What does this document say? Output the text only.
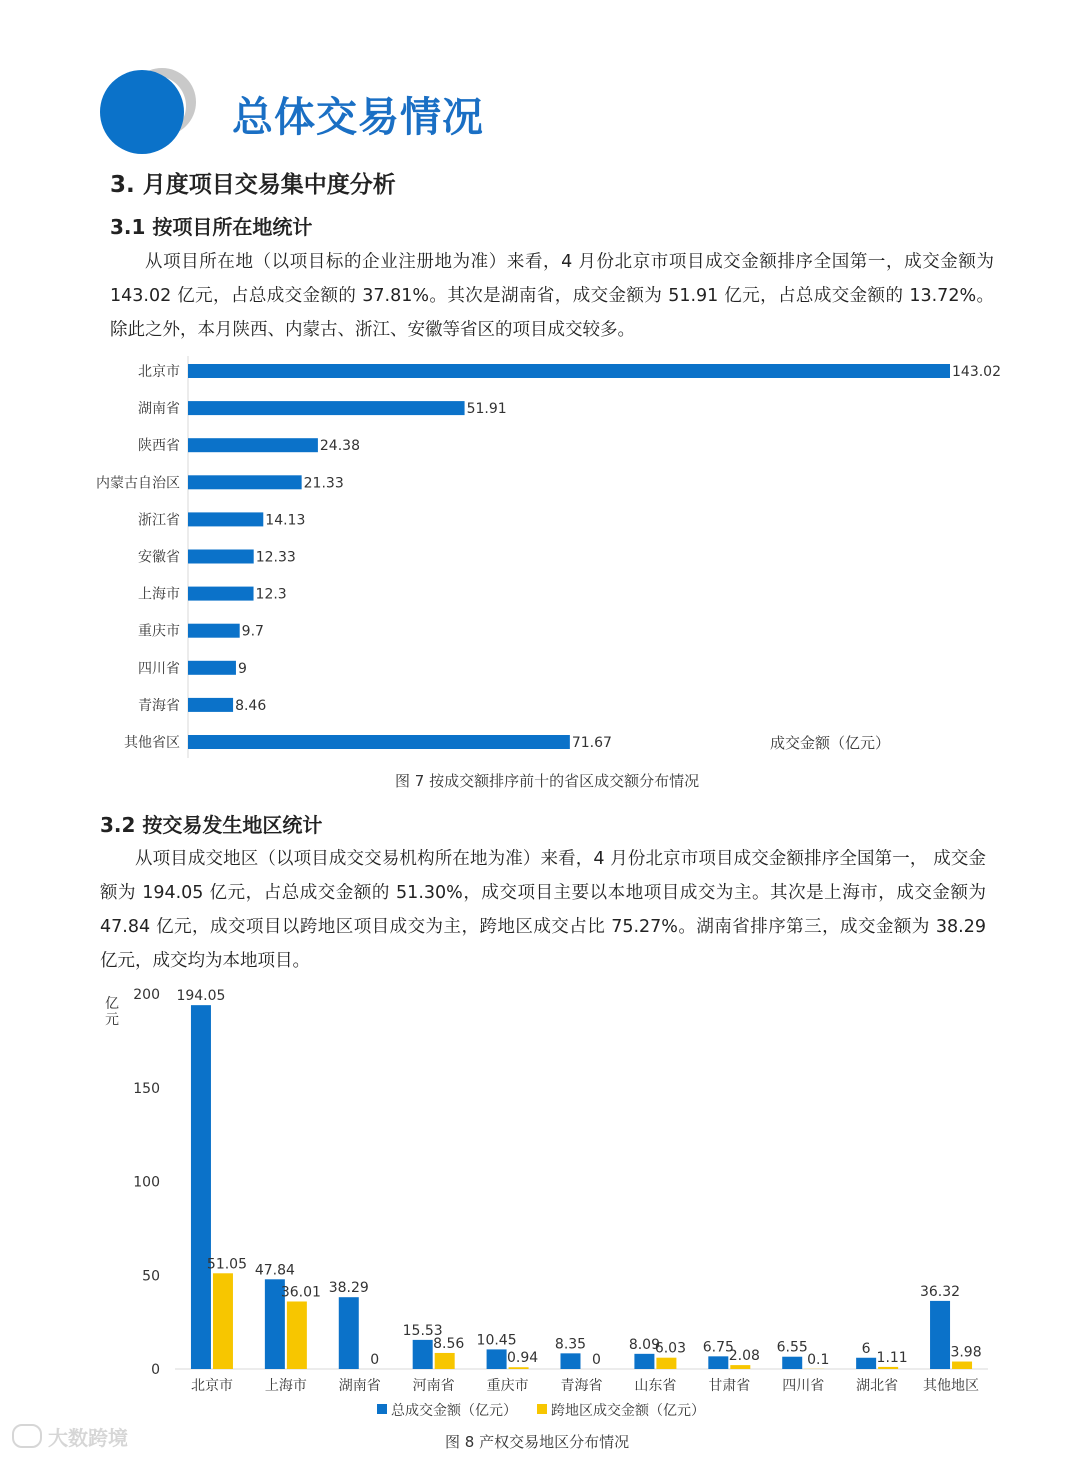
总体交易情况
3. 月度项目交易集中度分析
3.1 按项目所在地统计
从项目所在地（以项目标的企业注册地为准）来看，4 月份北京市项目成交金额排序全国第一，成交金额为 143.02 亿元，占总成交金额的 37.81%。其次是湖南省，成交金额为 51.91 亿元，占总成交金额的 13.72%。除此之外，本月陕西、内蒙古、浙江、安徽等省区的项目成交较多。
北京市	143.02
湖南省	51.91
陕西省	24.38
内蒙古自治区	21.33
浙江省	14.13
安徽省	12.33
上海市	12.3
重庆市	9.7
四川省	9
青海省	8.46
其他省区	71.67	成交金额（亿元）
图 7 按成交额排序前十的省区成交额分布情况
3.2 按交易发生地区统计
从项目成交地区（以项目成交交易机构所在地为准）来看，4 月份北京市项目成交金额排序全国第一， 成交金额为 194.05 亿元，占总成交金额的 51.30%，成交项目主要以本地项目成交为主。其次是上海市，成交金额为 47.84 亿元，成交项目以跨地区项目成交为主，跨地区成交占比 75.27%。湖南省排序第三，成交金额为 38.29 亿元，成交均为本地项目。
亿
元
0
50
100
150
200 194.05
51.05
北京市
47.84
36.01
上海市
38.29
0
湖南省
15.53
8.56
河南省
10.45
0.94
重庆市
8.35
0
青海省
8.09
6.03
山东省
6.75
2.08
甘肃省
6.55
0.1
四川省
6
1.11
湖北省
36.32
3.98
其他地区
总成交金额（亿元） 跨地区成交金额（亿元）
图 8 产权交易地区分布情况
大数跨境
